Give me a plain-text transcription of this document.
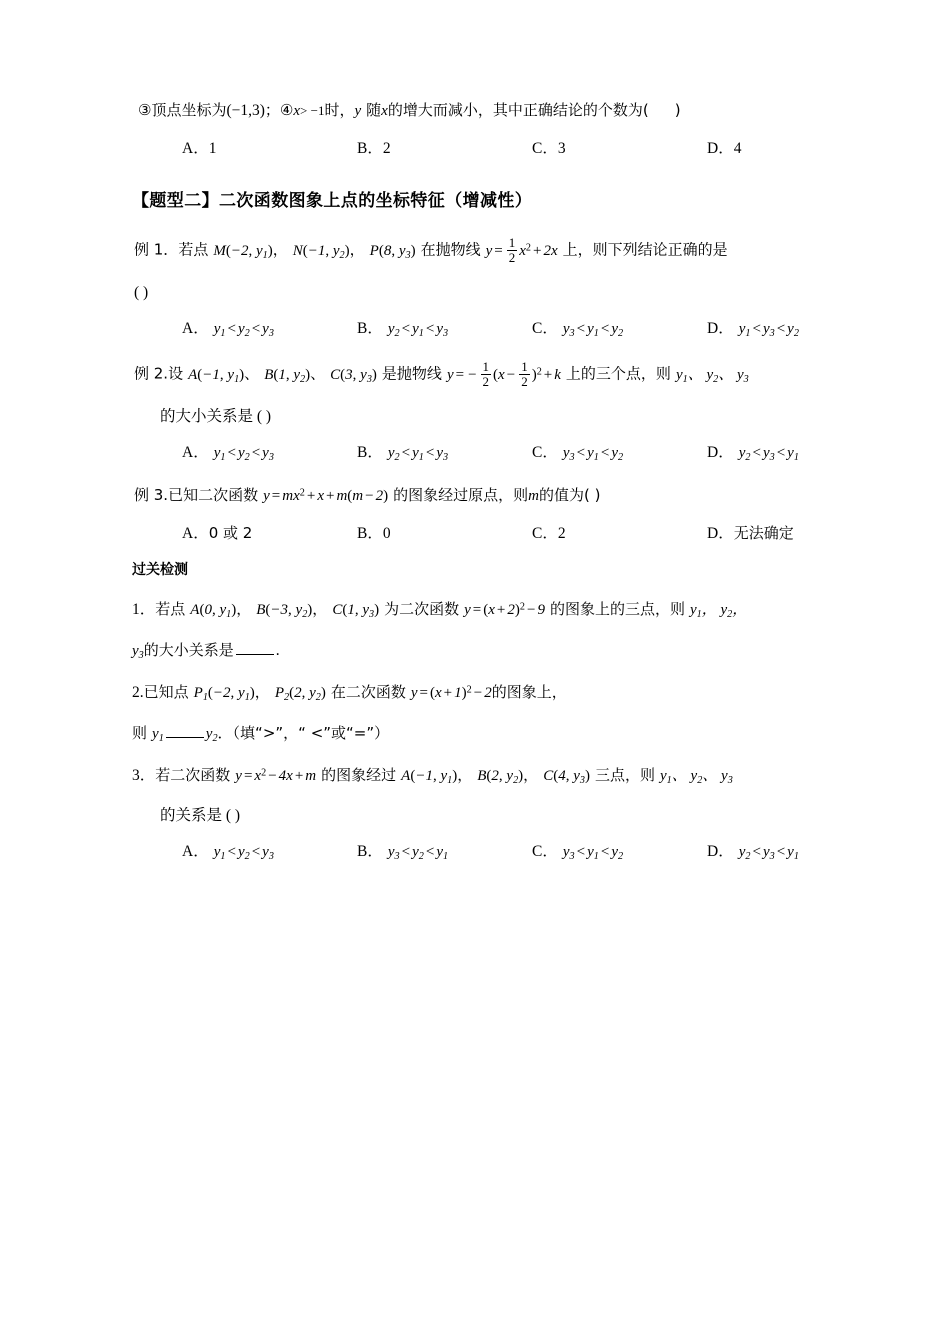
③顶点坐标为(−1,3)；④x> −1时，y 随x的增大而减小，其中正确结论的个数为( )
A．1	B．2	C．3	D．4
【题型二】二次函数图象上点的坐标特征（增减性）
例 1．若点 M(−2, $y_1$)， N(−1, $y_2$)， P(8, $y_3$) 在抛物线 $y = \frac{1}{2} x^2 + 2x$ 上，则下列结论正确的是
( )
A． $y_1 < y_2 < y_3$	B． $y_2 < y_1 < y_3$	C． $y_3 < y_1 < y_2$	D． $y_1 < y_3 < y_2$
例 2.设 A(−1, $y_1$)、 B(1, $y_2$)、 C(3, $y_3$) 是抛物线 y = − $\frac{1}{2} (x - \frac{1}{2} )^2 + k$ 上的三个点，则 $y_1$、 $y_2$、 $y_3$
的大小关系是 ( )
A． $y_1 < y_2 < y_3$	B． $y_2 < y_1 < y_3$	C． $y_3 < y_1 < y_2$	D． $y_2 < y_3 < y_1$
例 3.已知二次函数 $y = mx^2 + x + m(m - 2)$ 的图象经过原点，则m的值为( )
A．0 或 2	B．0	C．2	D．无法确定
过关检测
1．若点 A(0, $y_1$)， B(−3, $y_2$)， C(1, $y_3$) 为二次函数 $y = (x + 2)^2 - 9$ 的图象上的三点，则 $y_1$， $y_2$，
$y_3$的大小关系是	.
2.已知点 $P_1(-2$, $y_1$)， $P_2(2$, $y_2$) 在二次函数 $y = (x + 1)^2 - 2$的图象上，
则 $y_1$	$y_2$．（填“>”，“ <”或“=”）
3．若二次函数 $y = x^2 - 4x + m$ 的图象经过 A(−1, $y_1$)， B(2, $y_2$)， C(4, $y_3$) 三点，则 $y_1$、 $y_2$、 $y_3$
的关系是 ( )
A． $y_1 < y_2 < y_3$	B． $y_3 < y_2 < y_1$	C． $y_3 < y_1 < y_2$	D． $y_2 < y_3 < y_1$
